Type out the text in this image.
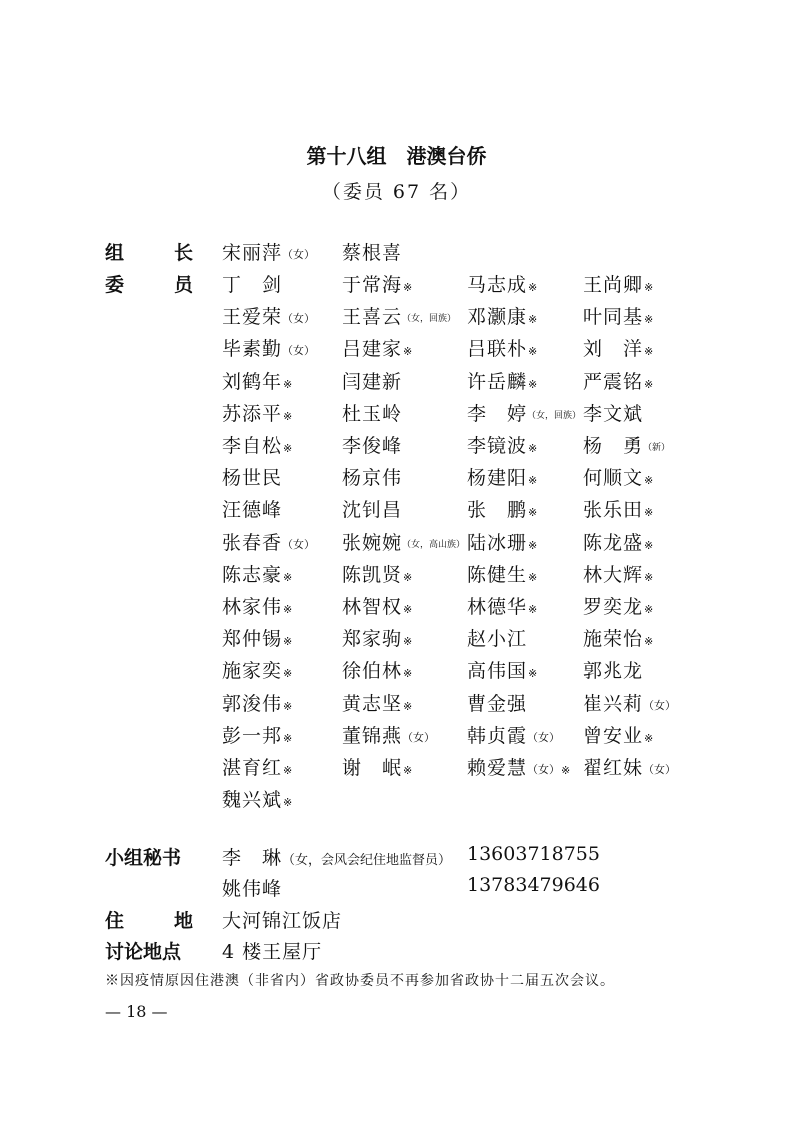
第十八组　港澳台侨
（委员 67 名）
组	长 宋丽萍（女） 蔡根喜
委	员 丁　剑	于常海※	马志成※ 王尚卿※
王爱荣（女） 王喜云（女，回族） 邓灏康※ 叶同基※
毕素勤（女） 吕建家※	吕联朴※ 刘　洋※
刘鹤年※	闫建新	许岳麟※ 严震铭※
苏添平※	杜玉岭	李　婷（女，回族） 李文斌
李自松※	李俊峰	李镜波※ 杨　勇（新）
杨世民	杨京伟	杨建阳※ 何顺文※
汪德峰	沈钊昌	张　鹏※ 张乐田※
张春香（女） 张婉婉（女，高山族） 陆冰珊※ 陈龙盛※
陈志豪※	陈凯贤※	陈健生※ 林大辉※
林家伟※	林智权※	林德华※ 罗奕龙※
郑仲锡※	郑家驹※	赵小江	施荣怡※
施家奕※	徐伯林※	高伟国※ 郭兆龙
郭浚伟※	黄志坚※	曹金强	崔兴莉（女）
彭一邦※	董锦燕（女） 韩贞霞（女） 曾安业※
湛育红※	谢　岷※	赖爱慧（女）※ 翟红妹（女）
魏兴斌※
小组秘书 李　琳（女，会风会纪住地监督员） 13603718755
姚伟峰	13783479646
住	地 大河锦江饭店
讨论地点 4 楼王屋厅
※因疫情原因住港澳（非省内）省政协委员不再参加省政协十二届五次会议。
— 18 —
